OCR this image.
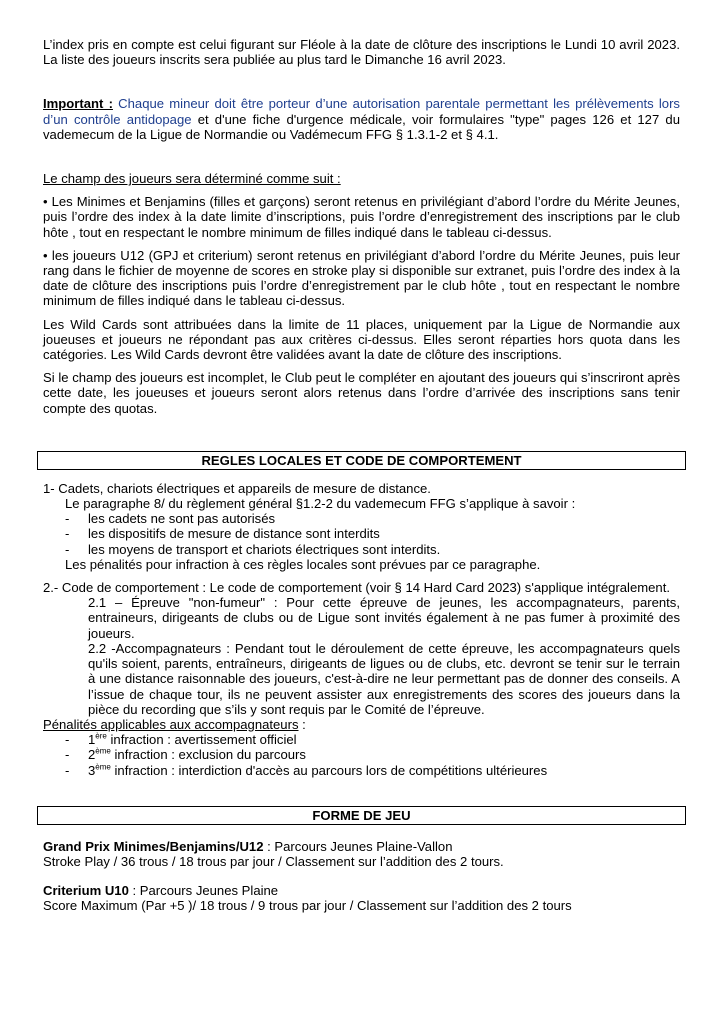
L’index pris en compte est celui figurant sur Fléole à la date de clôture des inscriptions le Lundi 10 avril 2023. La liste des joueurs inscrits sera publiée au plus tard le Dimanche 16 avril 2023.

Important : Chaque mineur doit être porteur d’une autorisation parentale permettant les prélèvements lors d’un contrôle antidopage et d'une fiche d'urgence médicale, voir formulaires "type" pages 126 et 127 du vademecum de la Ligue de Normandie ou Vadémecum FFG § 1.3.1-2 et § 4.1.

Le champ des joueurs sera déterminé comme suit :

• Les Minimes et Benjamins (filles et garçons) seront retenus en privilégiant d’abord l’ordre du Mérite Jeunes, puis l’ordre des index à la date limite d’inscriptions, puis l’ordre d’enregistrement des inscriptions par le club hôte , tout en respectant le nombre minimum de filles indiqué dans le tableau ci-dessus.

• les joueurs U12 (GPJ et criterium) seront retenus en privilégiant d’abord l’ordre du Mérite Jeunes, puis leur rang dans le fichier de moyenne de scores en stroke play si disponible sur extranet, puis l’ordre des index à la date de clôture des inscriptions puis l’ordre d’enregistrement par le club hôte , tout en respectant le nombre minimum de filles indiqué dans le tableau ci-dessus.

Les Wild Cards sont attribuées dans la limite de 11 places, uniquement par la Ligue de Normandie aux joueuses et joueurs ne répondant pas aux critères ci-dessus. Elles seront réparties hors quota dans les catégories. Les Wild Cards devront être validées avant la date de clôture des inscriptions.

Si le champ des joueurs est incomplet, le Club peut le compléter en ajoutant des joueurs qui s’inscriront après cette date, les joueuses et joueurs seront alors retenus dans l’ordre d’arrivée des inscriptions sans tenir compte des quotas.

REGLES LOCALES ET CODE DE COMPORTEMENT

1- Cadets, chariots électriques et appareils de mesure de distance.

Le paragraphe 8/ du règlement général §1.2-2 du vademecum FFG s’applique à savoir :

- les cadets ne sont pas autorisés
- les dispositifs de mesure de distance sont interdits
- les moyens de transport et chariots électriques sont interdits.

Les pénalités pour infraction à ces règles locales sont prévues par ce paragraphe.

2.- Code de comportement : Le code de comportement (voir § 14 Hard Card 2023) s'applique intégralement.

2.1 – Épreuve "non-fumeur" : Pour cette épreuve de jeunes, les accompagnateurs, parents, entraineurs, dirigeants de clubs ou de Ligue sont invités également à ne pas fumer à proximité des joueurs.

2.2 -Accompagnateurs : Pendant tout le déroulement de cette épreuve, les accompagnateurs quels qu'ils soient, parents, entraîneurs, dirigeants de ligues ou de clubs, etc. devront se tenir sur le terrain à une distance raisonnable des joueurs, c'est-à-dire ne leur permettant pas de donner des conseils. A l’issue de chaque tour, ils ne peuvent assister aux enregistrements des scores des joueurs dans la pièce du recording que s’ils y sont requis par le Comité de l’épreuve.

Pénalités applicables aux accompagnateurs :

- 1ère infraction : avertissement officiel
- 2ème infraction : exclusion du parcours
- 3ème infraction : interdiction d'accès au parcours lors de compétitions ultérieures
FORME DE JEU

Grand Prix Minimes/Benjamins/U12 : Parcours Jeunes Plaine-Vallon

Stroke Play / 36 trous / 18 trous par jour / Classement sur l’addition des 2 tours.

Criterium U10 : Parcours Jeunes Plaine

Score Maximum (Par +5 )/ 18 trous / 9 trous par jour / Classement sur l’addition des 2 tours
